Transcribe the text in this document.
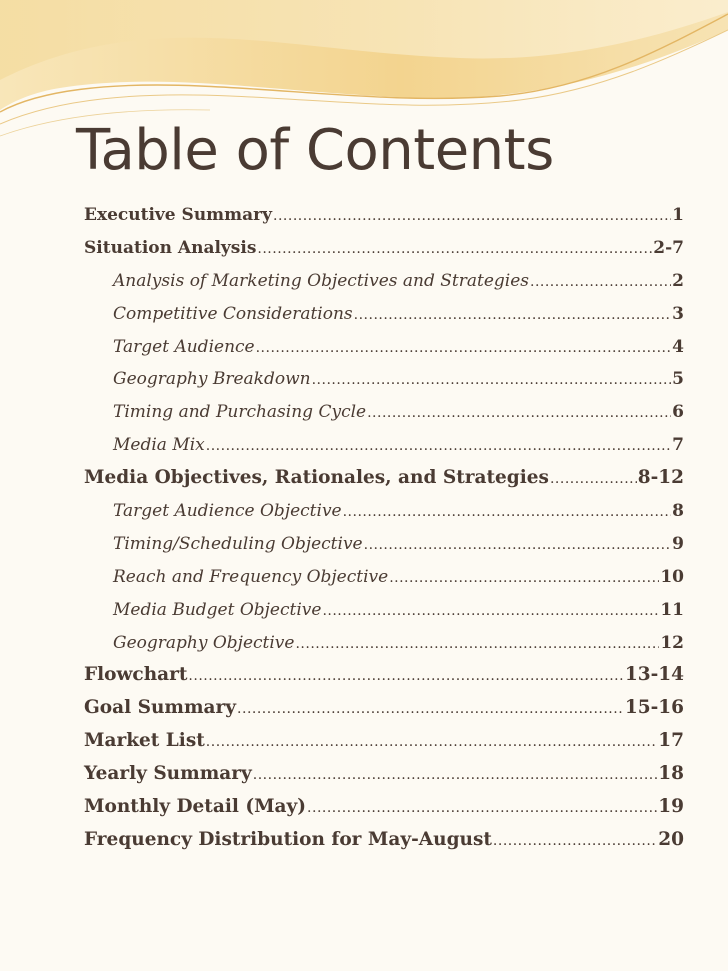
Table of Contents
Executive Summary .....	1
Situation Analysis .....	2-7
Analysis of Marketing Objectives and Strategies .....	2
Competitive Considerations .....	3
Target Audience .....	4
Geography Breakdown .....	5
Timing and Purchasing Cycle .....	6
Media Mix .....	7
Media Objectives, Rationales, and Strategies .....	8-12
Target Audience Objective .....	8
Timing/Scheduling Objective .....	9
Reach and Frequency Objective .....	10
Media Budget Objective .....	11
Geography Objective .....	12
Flowchart .....	13-14
Goal Summary .....	15-16
Market List .....	17
Yearly Summary .....	18
Monthly Detail (May) .....	19
Frequency Distribution for May-August .....	20
